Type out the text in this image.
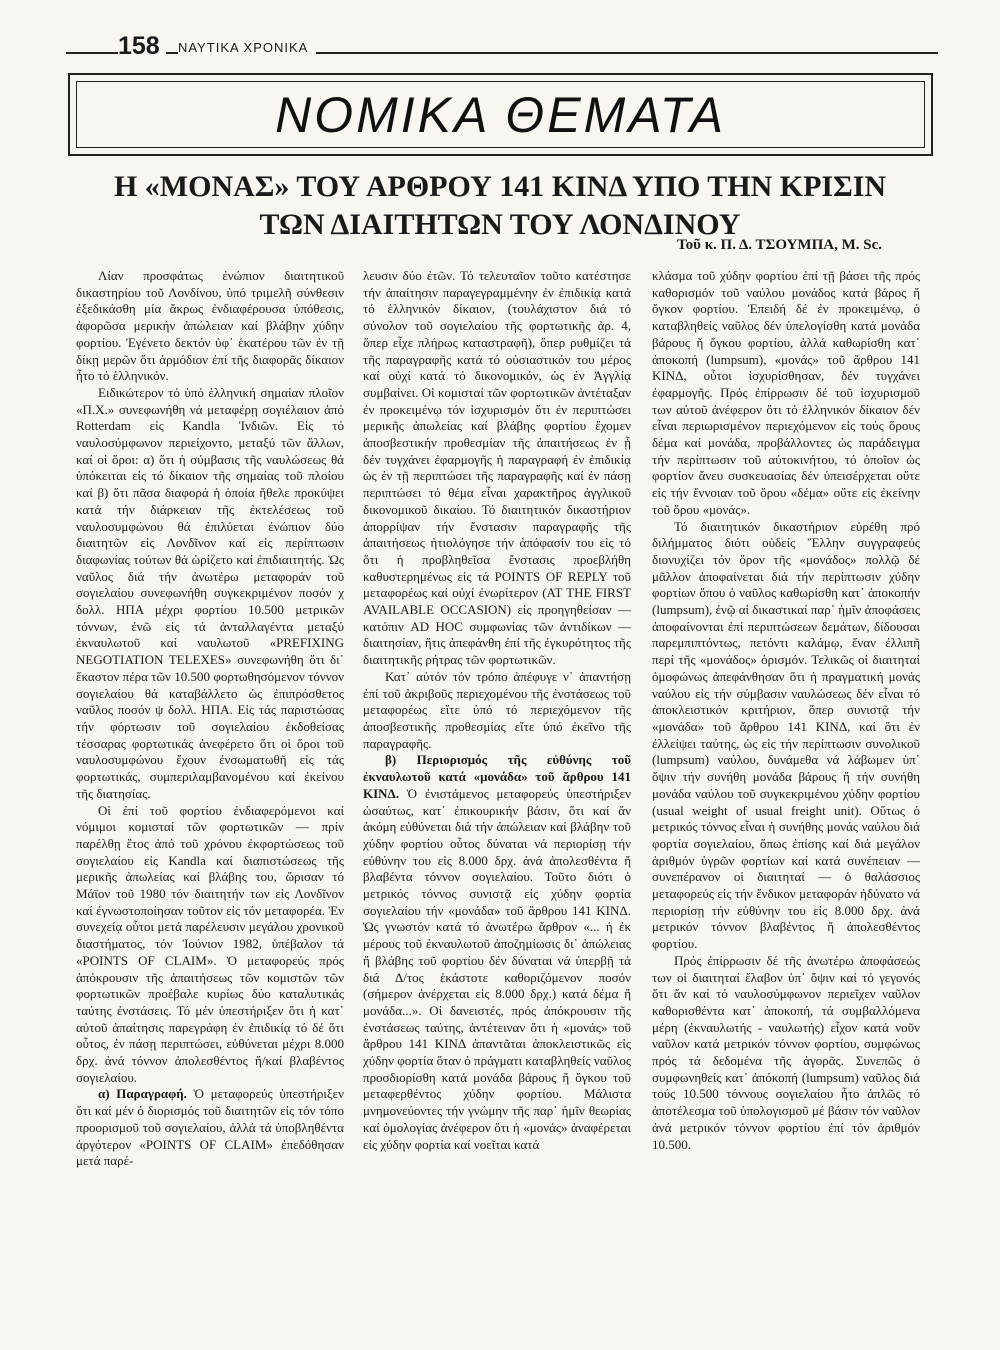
158	ΝΑΥΤΙΚΑ ΧΡΟΝΙΚΑ
ΝΟΜΙΚΑ ΘΕΜΑΤΑ
Η «ΜΟΝΑΣ» ΤΟΥ ΑΡΘΡΟΥ 141 ΚΙΝΔ ΥΠΟ ΤΗΝ ΚΡΙΣΙΝ
ΤΩΝ ΔΙΑΙΤΗΤΩΝ ΤΟΥ ΛΟΝΔΙΝΟΥ
Τοῦ κ. Π. Δ. ΤΣΟΥΜΠΑ, M. Sc.

Λίαν προσφάτως ἐνώπιον διαιτητικοῦ δικαστηρίου τοῦ Λονδίνου, ὑπό τριμελῆ σύνθεσιν ἐξεδικάσθη μία ἄκρως ἐνδιαφέρουσα ὑπόθεσις, ἀφορῶσα μερικήν ἀπώλειαν καί βλάβην χύδην φορτίου. Ἐγένετο δεκτόν ὑφ᾽ ἑκατέρου τῶν ἐν τῇ δίκῃ μερῶν ὅτι ἁρμόδιον ἐπί τῆς διαφορᾶς δίκαιον ἦτο τό ἑλληνικόν.

Ειδικώτερον τό ὑπό ἑλληνική σημαίαν πλοῖον «Π.Χ.» συνεφωνήθη νά μεταφέρῃ σογιέλαιον ἀπό Rotterdam εἰς Kandla Ἰνδιῶν. Εἰς τό ναυλοσύμφωνον περιείχοντο, μεταξύ τῶν ἄλλων, καί οἱ ὅροι: α) ὅτι ἡ σύμβασις τῆς ναυλώσεως θά ὑπόκειται εἰς τό δίκαιον τῆς σημαίας τοῦ πλοίου καί β) ὅτι πᾶσα διαφορά ἡ ὁποία ἤθελε προκύψει κατά τήν διάρκειαν τῆς ἐκτελέσεως τοῦ ναυλοσυμφώνου θά ἐπιλύεται ἐνώπιον δύο διαιτητῶν εἰς Λονδῖνον καί εἰς περίπτωσιν διαφωνίας τούτων θά ὡρίζετο καί ἐπιδιαιτητής. Ὡς ναῦλος διά τήν ἀνωτέρω μεταφοράν τοῦ σογιελαίου συνεφωνήθη συγκεκριμένον ποσόν χ δολλ. ΗΠΑ μέχρι φορτίου 10.500 μετρικῶν τόννων, ἐνῶ εἰς τά ἀνταλλαγέντα μεταξύ ἐκναυλωτοῦ καί ναυλωτοῦ «PREFIXING NEGOTIATION TELEXES» συνεφωνήθη ὅτι δι᾽ ἕκαστον πέρα τῶν 10.500 φορτωθησόμενον τόννον σογιελαίου θά καταβάλλετο ὡς ἐπιπρόσθετος ναῦλος ποσόν ψ δολλ. ΗΠΑ. Εἰς τάς παριστώσας τήν φόρτωσιν τοῦ σογιελαίου ἐκδοθείσας τέσσαρας φορτωτικάς ἀνεφέρετο ὅτι οἱ ὅροι τοῦ ναυλοσυμφώνου ἔχουν ἐνσωματωθῆ εἰς τάς φορτωτικάς, συμπεριλαμβανομένου καί ἐκείνου τῆς διατησίας.

Οἱ ἐπί τοῦ φορτίου ἐνδιαφερόμενοι καί νόμιμοι κομισταί τῶν φορτωτικῶν — πρίν παρέλθῃ ἔτος ἀπό τοῦ χρόνου ἐκφορτώσεως τοῦ σογιελαίου εἰς Kandla καί διαπιστώσεως τῆς μερικῆς ἀπωλείας καί βλάβης του, ὥρισαν τό Μάϊον τοῦ 1980 τόν διαιτητήν των εἰς Λονδῖνον καί ἐγνωστοποίησαν τοῦτον εἰς τόν μεταφορέα. Ἐν συνεχείᾳ οὗτοι μετά παρέλευσιν μεγάλου χρονικοῦ διαστήματος, τόν Ἰούνιον 1982, ὑπέβαλον τά «POINTS OF CLAIM». Ὁ μεταφορεύς πρός ἀπόκρουσιν τῆς ἀπαιτήσεως τῶν κομιστῶν τῶν φορτωτικῶν προέβαλε κυρίως δύο καταλυτικάς ταύτης ἐνστάσεις. Τό μέν ὑπεστήριξεν ὅτι ἡ κατ᾽ αὐτοῦ ἀπαίτησις παρεγράφη ἐν ἐπιδικίᾳ τό δέ ὅτι οὗτος, ἐν πάσῃ περιπτώσει, εὐθύνεται μέχρι 8.000 δρχ. ἀνά τόννον ἀπολεσθέντος ἤ/καί βλαβέντος σογιελαίου.

α) Παραγραφή. Ὁ μεταφορεύς ὑπεστήριξεν ὅτι καί μέν ὁ διορισμός τοῦ διαιτητῶν εἰς τόν τόπο προορισμοῦ τοῦ σογιελαίου, ἀλλά τά ὑποβληθέντα ἀργότερον «POINTS OF CLAIM» ἐπεδόθησαν μετά παρέ-

λευσιν δύο ἐτῶν. Τό τελευταῖον τοῦτο κατέστησε τήν ἀπαίτησιν παραγεγραμμένην ἐν ἐπιδικίᾳ κατά τό ἑλληνικόν δίκαιον, (τουλάχιστον διά τό σύνολον τοῦ σογιελαίου τῆς φορτωτικῆς ἀρ. 4, ὅπερ εἶχε πλήρως καταστραφῆ), ὅπερ ρυθμίζει τά τῆς παραγραφῆς κατά τό οὐσιαστικόν του μέρος καί οὐχί κατά τό δικονομικόν, ὡς ἐν Ἀγγλίᾳ συμβαίνει. Οἱ κομισταί τῶν φορτωτικῶν ἀντέταξαν ἐν προκειμένῳ τόν ἰσχυρισμόν ὅτι ἐν περιπτώσει μερικῆς ἀπωλείας καί βλάβης φορτίου ἔχομεν ἀποσβεστικήν προθεσμίαν τῆς ἀπαιτήσεως ἐν ᾗ δέν τυγχάνει ἐφαρμογῆς ἡ παραγραφή ἐν ἐπιδικίᾳ ὡς ἐν τῇ περιπτώσει τῆς παραγραφῆς καί ἐν πάσῃ περιπτώσει τό θέμα εἶναι χαρακτῆρος ἀγγλικοῦ δικονομικοῦ δικαίου. Τό διαιτητικόν δικαστήριον ἀπορρίψαν τήν ἔνστασιν παραγραφῆς τῆς ἀπαιτήσεως ἠτιολόγησε τήν ἀπόφασίν του εἰς τό ὅτι ἡ προβληθεῖσα ἔνστασις προεβλήθη καθυστερημένως εἰς τά POINTS OF REPLY τοῦ μεταφορέως καί οὐχί ἐνωρίτερον (AT THE FIRST AVAILABLE OCCASION) εἰς προηγηθείσαν — κατόπιν AD HOC συμφωνίας τῶν ἀντιδίκων — διαιτησίαν, ἥτις ἀπεφάνθη ἐπί τῆς ἐγκυρότητος τῆς διαιτητικῆς ρήτρας τῶν φορτωτικῶν.

Κατ᾽ αὐτόν τόν τρόπο ἀπέφυγε ν᾽ ἀπαντήσῃ ἐπί τοῦ ἀκριβοῦς περιεχομένου τῆς ἐνστάσεως τοῦ μεταφορέως εἴτε ὑπό τό περιεχόμενον τῆς ἀποσβεστικῆς προθεσμίας εἴτε ὑπό ἐκεῖνο τῆς παραγραφῆς.

β) Περιορισμός τῆς εὐθύνης τοῦ ἐκναυλωτοῦ κατά «μονάδα» τοῦ ἄρθρου 141 ΚΙΝΔ. Ὁ ἐνιστάμενος μεταφορεύς ὑπεστήριξεν ὡσαύτως, κατ᾽ ἐπικουρικήν βάσιν, ὅτι καί ἄν ἀκόμη εὐθύνεται διά τήν ἀπώλειαν καί βλάβην τοῦ χύδην φορτίου οὗτος δύναται νά περιορίσῃ τήν εὐθύνην του εἰς 8.000 δρχ. ἀνά ἀπολεσθέντα ἤ βλαβέντα τόννον σογιελαίου. Τοῦτο διότι ὁ μετρικός τόννος συνιστᾷ εἰς χύδην φορτία σογιελαίου τήν «μονάδα» τοῦ ἄρθρου 141 ΚΙΝΔ. Ὡς γνωστόν κατά τό ἀνωτέρω ἄρθρον «... ἡ ἐκ μέρους τοῦ ἐκναυλωτοῦ ἀποζημίωσις δι᾽ ἀπώλειας ἤ βλάβης τοῦ φορτίου δέν δύναται νά ὑπερβῇ τά διά Δ/τος ἑκάστοτε καθοριζόμενον ποσόν (σήμερον ἀνέρχεται εἰς 8.000 δρχ.) κατά δέμα ἤ μονάδα...». Οἱ δανειστές, πρός ἀπόκρουσιν τῆς ἐνστάσεως ταύτης, ἀντέτειναν ὅτι ἡ «μονάς» τοῦ ἄρθρου 141 ΚΙΝΔ ἀπαντᾶται ἀποκλειστικῶς εἰς χύδην φορτία ὅταν ὁ πράγματι καταβληθείς ναῦλος προσδιορίσθη κατά μονάδα βάρους ἤ ὄγκου τοῦ μεταφερθέντος χύδην φορτίου. Μάλιστα μνημονεύοντες τήν γνώμην τῆς παρ᾽ ἡμῖν θεωρίας καί ὁμολογίας ἀνέφερον ὅτι ἡ «μονάς» ἀναφέρεται εἰς χύδην φορτία καί νοεῖται κατά

κλάσμα τοῦ χύδην φορτίου ἐπί τῇ βάσει τῆς πρός καθορισμόν τοῦ ναύλου μονάδος κατά βάρος ἤ ὄγκον φορτίου. Ἐπειδή δέ ἐν προκειμένῳ, ὁ καταβληθείς ναῦλος δέν ὑπελογίσθη κατά μονάδα βάρους ἤ ὄγκου φορτίου, ἀλλά καθωρίσθη κατ᾽ ἀποκοπή (lumpsum), «μονάς» τοῦ ἄρθρου 141 ΚΙΝΔ, οὗτοι ἰσχυρίσθησαν, δέν τυγχάνει ἐφαρμογῆς. Πρός ἐπίρρωσιν δέ τοῦ ἰσχυρισμοῦ των αὐτοῦ ἀνέφερον ὅτι τό ἑλληνικόν δίκαιον δέν εἶναι περιωρισμένον περιεχόμενον εἰς τούς ὅρους δέμα καί μονάδα, προβάλλοντες ὡς παράδειγμα τήν περίπτωσιν τοῦ αὐτοκινήτου, τό ὁποῖον ὡς φορτίον ἄνευ συσκευασίας δέν ὑπεισέρχεται οὔτε εἰς τήν ἔννοιαν τοῦ ὅρου «δέμα» οὔτε εἰς ἐκείνην τοῦ ὅρου «μονάς».

Τό διαιτητικόν δικαστήριον εὑρέθη πρό διλήμματος διότι οὐδείς Ἕλλην συγγραφεύς διονυχίζει τόν ὅρον τῆς «μονάδος» πολλῷ δέ μᾶλλον ἀποφαίνεται διά τήν περίπτωσιν χύδην φορτίων ὅπου ὁ ναῦλος καθωρίσθη κατ᾽ ἀποκοπήν (lumpsum), ἐνῷ αἱ δικαστικαί παρ᾽ ἡμῖν ἀποφάσεις ἀποφαίνονται ἐπί περιπτώσεων δεμάτων, δίδουσαι παρεμπιπτόντως, πετόντι καλάμῳ, ἕναν ἐλλιπῆ περί τῆς «μονάδος» ὁρισμόν. Τελικῶς οἱ διαιτηταί ὁμοφώνως ἀπεφάνθησαν ὅτι ἡ πραγματική μονάς ναύλου εἰς τήν σύμβασιν ναυλώσεως δέν εἶναι τό ἀποκλειστικόν κριτήριον, ὅπερ συνιστᾷ τήν «μονάδα» τοῦ ἄρθρου 141 ΚΙΝΔ, καί ὅτι ἐν ἐλλείψει ταύτης, ὡς εἰς τήν περίπτωσιν συνολικοῦ (lumpsum) ναύλου, δυνάμεθα νά λάβωμεν ὑπ᾽ ὄψιν τήν συνήθη μονάδα βάρους ἤ τήν συνήθη μονάδα ναύλου τοῦ συγκεκριμένου χύδην φορτίου (usual weight of usual freight unit). Οὕτως ὁ μετρικός τόννος εἶναι ἡ συνήθης μονάς ναύλου διά φορτία σογιελαίου, ὅπως ἐπίσης καί διά μεγάλον ἀριθμόν ὑγρῶν φορτίων καί κατά συνέπειαν — συνεπέρανον οἱ διαιτηταί — ὁ θαλάσσιος μεταφορεύς εἰς τήν ἔνδικον μεταφοράν ἠδύνατο νά περιορίσῃ τήν εὐθύνην του εἰς 8.000 δρχ. ἀνά μετρικόν τόννον βλαβέντος ἤ ἀπολεσθέντος φορτίου.

Πρός ἐπίρρωσιν δέ τῆς ἀνωτέρω ἀποφάσεώς των οἱ διαιτηταί ἔλαβον ὑπ᾽ ὄψιν καί τό γεγονός ὅτι ἄν καί τό ναυλοσύμφωνον περιεῖχεν ναῦλον καθορισθέντα κατ᾽ ἀποκοπή, τά συμβαλλόμενα μέρη (ἐκναυλωτής - ναυλωτής) εἶχον κατά νοῦν ναῦλον κατά μετρικόν τόννον φορτίου, συμφώνως πρός τά δεδομένα τῆς ἀγορᾶς. Συνεπῶς ὁ συμφωνηθείς κατ᾽ ἀπόκοπή (lumpsum) ναῦλος διά τούς 10.500 τόννους σογιελαίου ἦτο ἁπλῶς τό ἀποτέλεσμα τοῦ ὑπολογισμοῦ μέ βάσιν τόν ναῦλον ἀνά μετρικόν τόννον φορτίου ἐπί τόν ἀριθμόν 10.500.
